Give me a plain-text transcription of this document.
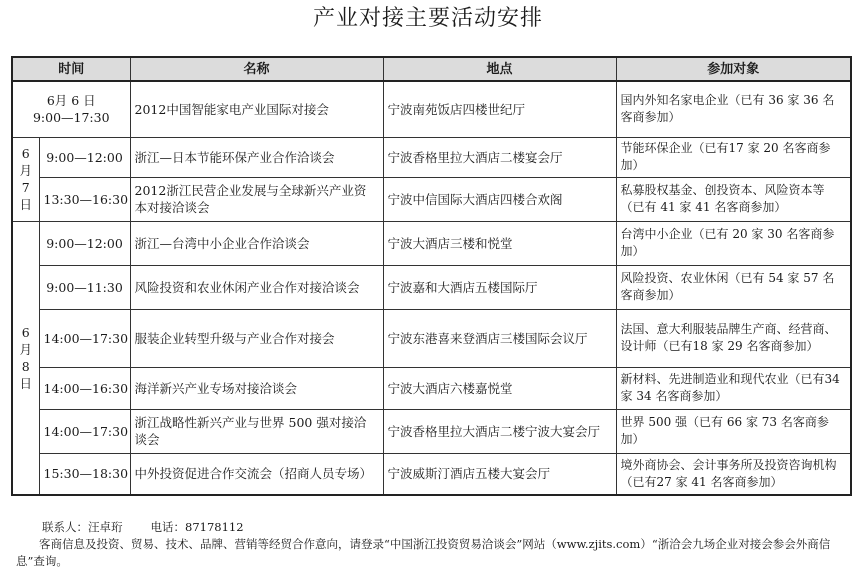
产业对接主要活动安排
时间		名称	地点	参加对象
6月 6 日
9:00—17:30		2012中国智能家电产业国际对接会	宁波南苑饭店四楼世纪厅	国内外知名家电企业（已有 36 家 36 名客商参加）
6
月
7
日	9:00—12:00	浙江—日本节能环保产业合作洽谈会	宁波香格里拉大酒店二楼宴会厅	节能环保企业（已有17 家 20 名客商参加）
	13:30—16:30	2012浙江民营企业发展与全球新兴产业资本对接洽谈会	宁波中信国际大酒店四楼合欢阁	私募股权基金、创投资本、风险资本等（已有 41 家 41 名客商参加）
6
月
8
日	9:00—12:00	浙江—台湾中小企业合作洽谈会	宁波大酒店三楼和悦堂	台湾中小企业（已有 20 家 30 名客商参加）
	9:00—11:30	风险投资和农业休闲产业合作对接洽谈会	宁波嘉和大酒店五楼国际厅	风险投资、农业休闲（已有 54 家 57 名客商参加）
	14:00—17:30	服装企业转型升级与产业合作对接会	宁波东港喜来登酒店三楼国际会议厅	法国、意大利服装品牌生产商、经营商、设计师（已有18 家 29 名客商参加）
	14:00—16:30	海洋新兴产业专场对接洽谈会	宁波大酒店六楼嘉悦堂	新材料、先进制造业和现代农业（已有34 家 34 名客商参加）
	14:00—17:30	浙江战略性新兴产业与世界 500 强对接洽谈会	宁波香格里拉大酒店二楼宁波大宴会厅	世界 500 强（已有 66 家 73 名客商参加）
	15:30—18:30	中外投资促进合作交流会（招商人员专场）	宁波威斯汀酒店五楼大宴会厅	境外商协会、会计事务所及投资咨询机构（已有27 家 41 名客商参加）
联系人：汪卓珩 电话：87178112
客商信息及投资、贸易、技术、品牌、营销等经贸合作意向，请登录“中国浙江投资贸易洽谈会”网站（www.zjits.com）“浙洽会九场企业对接会参会外商信息”查询。
